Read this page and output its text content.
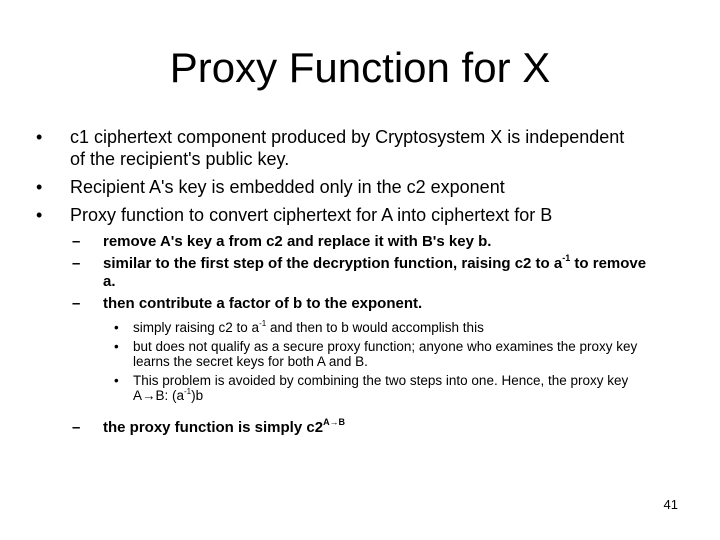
Proxy Function for X
• c1 ciphertext component produced by Cryptosystem X is independent of the recipient's public key.
• Recipient A's key is embedded only in the c2 exponent
• Proxy function to convert ciphertext for A into ciphertext for B
– remove A's key a from c2 and replace it with B's key b.
– similar to the first step of the decryption function, raising c2 to $a^{-1}$ to remove a.
– then contribute a factor of b to the exponent.
• simply raising c2 to $a^{-1}$ and then to b would accomplish this
• but does not qualify as a secure proxy function; anyone who examines the proxy key learns the secret keys for both A and B.
• This problem is avoided by combining the two steps into one. Hence, the proxy key A→B: $(a^{-1})b$
– the proxy function is simply $c2^{A\to B}$
41
